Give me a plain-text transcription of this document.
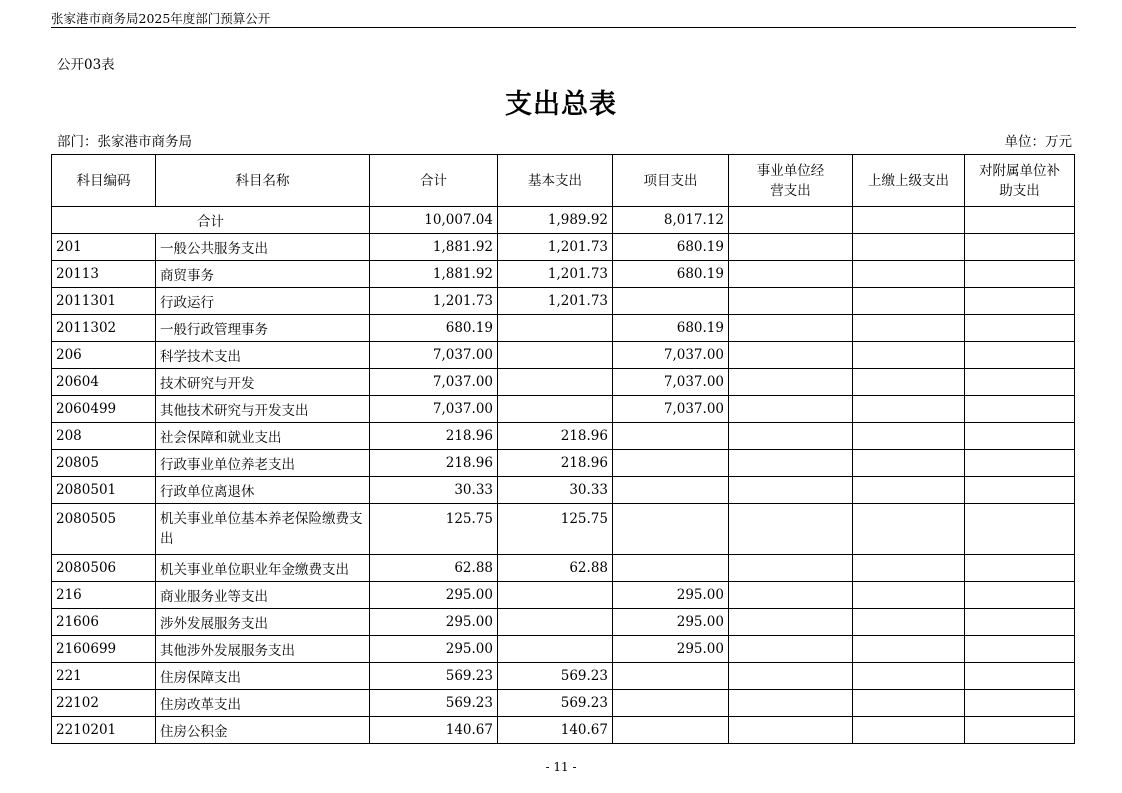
张家港市商务局2025年度部门预算公开
公开03表
支出总表
部门：张家港市商务局	单位：万元
科目编码	科目名称	合计	基本支出	项目支出	事业单位经营支出	上缴上级支出	对附属单位补助支出
合计		10,007.04	1,989.92	8,017.12			
201	一般公共服务支出	1,881.92	1,201.73	680.19			
20113	商贸事务	1,881.92	1,201.73	680.19			
2011301	行政运行	1,201.73	1,201.73				
2011302	一般行政管理事务	680.19		680.19			
206	科学技术支出	7,037.00		7,037.00			
20604	技术研究与开发	7,037.00		7,037.00			
2060499	其他技术研究与开发支出	7,037.00		7,037.00			
208	社会保障和就业支出	218.96	218.96				
20805	行政事业单位养老支出	218.96	218.96				
2080501	行政单位离退休	30.33	30.33				
2080505	机关事业单位基本养老保险缴费支出	125.75	125.75				
2080506	机关事业单位职业年金缴费支出	62.88	62.88				
216	商业服务业等支出	295.00		295.00			
21606	涉外发展服务支出	295.00		295.00			
2160699	其他涉外发展服务支出	295.00		295.00			
221	住房保障支出	569.23	569.23				
22102	住房改革支出	569.23	569.23				
2210201	住房公积金	140.67	140.67				
- 11 -
